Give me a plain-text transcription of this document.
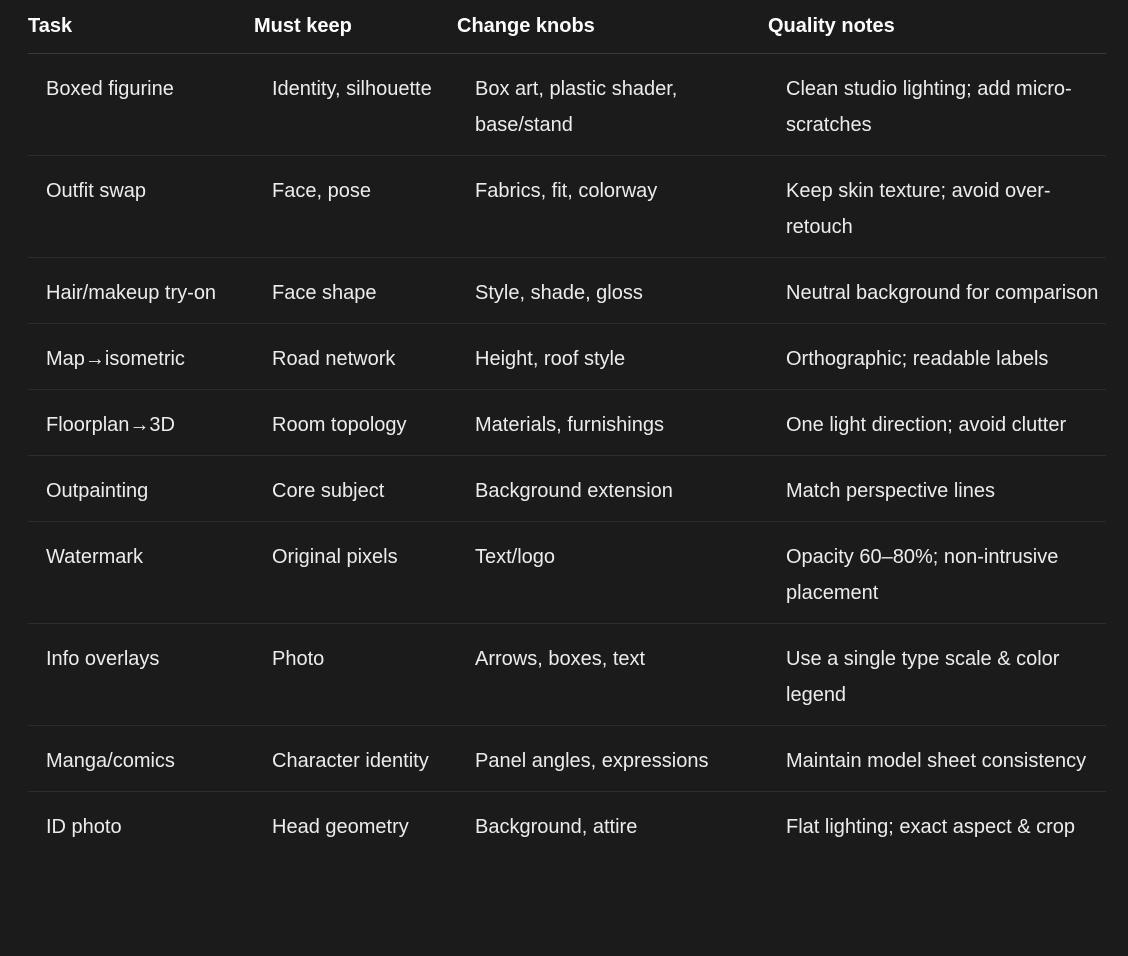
Task	Must keep	Change knobs	Quality notes
Boxed figurine	Identity, silhouette	Box art, plastic shader, base/stand	Clean studio lighting; add micro-scratches
Outfit swap	Face, pose	Fabrics, fit, colorway	Keep skin texture; avoid over-retouch
Hair/makeup try-on	Face shape	Style, shade, gloss	Neutral background for comparison
Map→isometric	Road network	Height, roof style	Orthographic; readable labels
Floorplan→3D	Room topology	Materials, furnishings	One light direction; avoid clutter
Outpainting	Core subject	Background extension	Match perspective lines
Watermark	Original pixels	Text/logo	Opacity 60–80%; non-intrusive placement
Info overlays	Photo	Arrows, boxes, text	Use a single type scale & color legend
Manga/comics	Character identity	Panel angles, expressions	Maintain model sheet consistency
ID photo	Head geometry	Background, attire	Flat lighting; exact aspect & crop
